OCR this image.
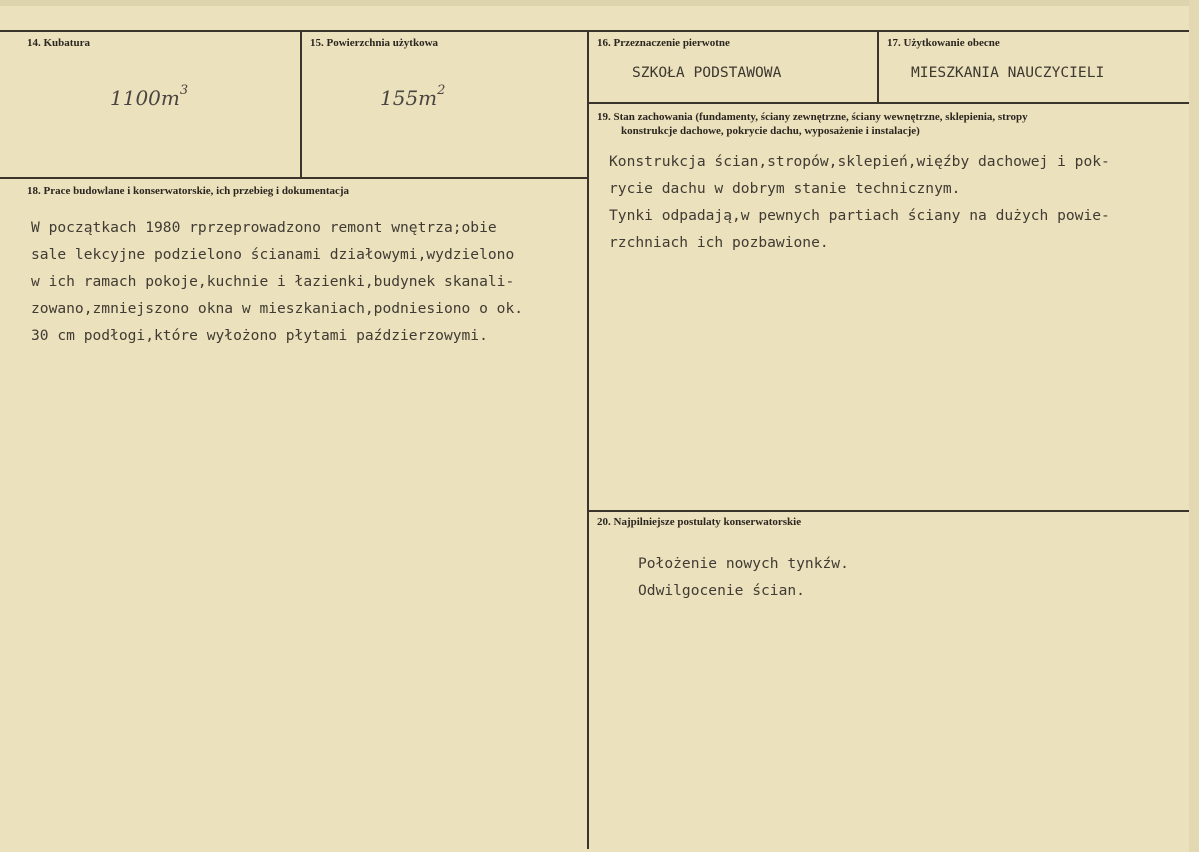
14. Kubatura
$1100m^3$
15. Powierzchnia użytkowa
$155m^2$
16. Przeznaczenie pierwotne
SZKOŁA PODSTAWOWA
17. Użytkowanie obecne
MIESZKANIA NAUCZYCIELI
18. Prace budowlane i konserwatorskie, ich przebieg i dokumentacja
W początkach 1980 rprzeprowadzono remont wnętrza;obie
sale lekcyjne podzielono ścianami działowymi,wydzielono
w ich ramach pokoje,kuchnie i łazienki,budynek skanali-
zowano,zmniejszono okna w mieszkaniach,podniesiono o ok.
30 cm podłogi,które wyłożono płytami paździerzowymi.
19. Stan zachowania (fundamenty, ściany zewnętrzne, ściany wewnętrzne, sklepienia, stropy
konstrukcje dachowe, pokrycie dachu, wyposażenie i instalacje)
Konstrukcja ścian,stropów,sklepień,więźby dachowej i pok-
rycie dachu w dobrym stanie technicznym.
Tynki odpadają,w pewnych partiach ściany na dużych powie-
rzchniach ich pozbawione.
20. Najpilniejsze postulaty konserwatorskie
Położenie nowych tynkźw.
Odwilgocenie ścian.
